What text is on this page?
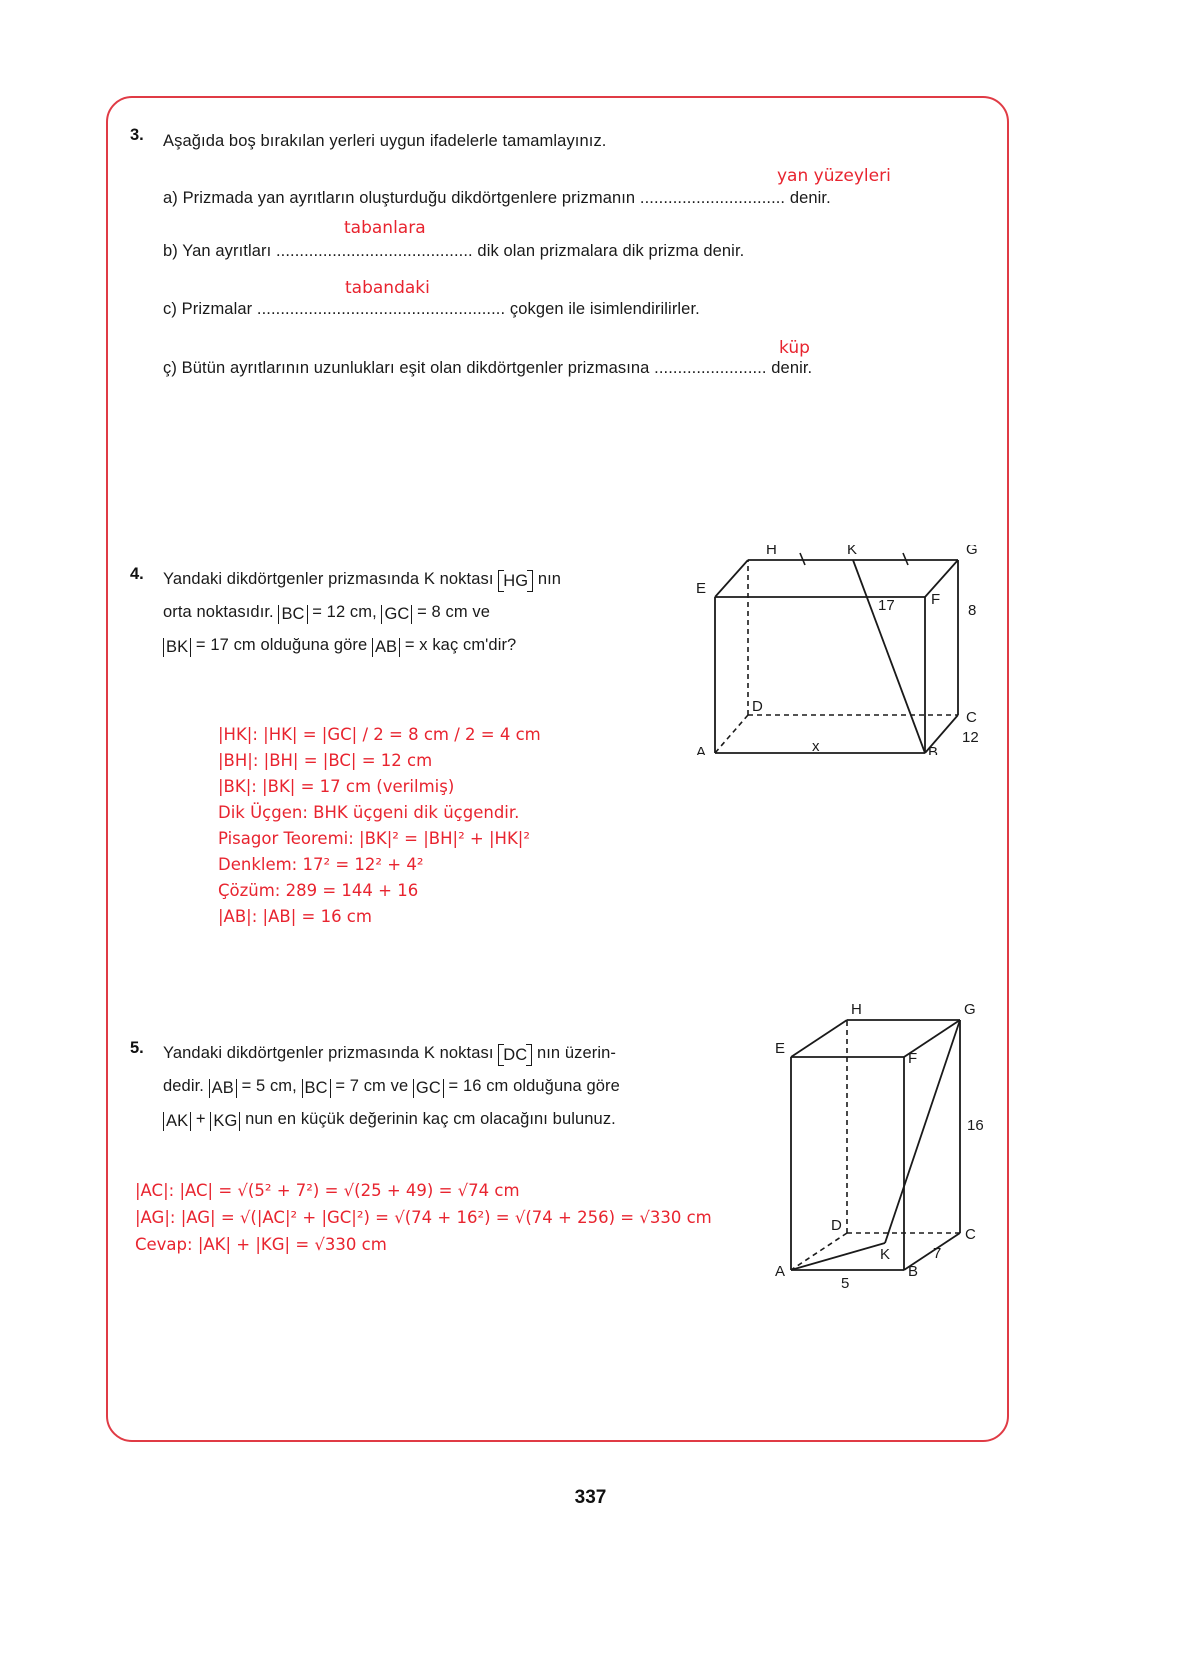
3. Aşağıda boş bırakılan yerleri uygun ifadelerle tamamlayınız.
a) Prizmada yan ayrıtların oluşturduğu dikdörtgenlere prizmanın ............................... denir.
yan yüzeyleri
b) Yan ayrıtları .......................................... dik olan prizmalara dik prizma denir.
tabanlara
c) Prizmalar ..................................................... çokgen ile isimlendirilirler.
tabandaki
ç) Bütün ayrıtlarının uzunlukları eşit olan dikdörtgenler prizmasına ........................ denir.
küp
4. Yandaki dikdörtgenler prizmasında K noktası HG nın
orta noktasıdır. BC = 12 cm, GC = 8 cm ve
BK = 17 cm olduğuna göre AB = x kaç cm'dir?
|HK|: |HK| = |GC| / 2 = 8 cm / 2 = 4 cm
|BH|: |BH| = |BC| = 12 cm
|BK|: |BK| = 17 cm (verilmiş)
Dik Üçgen: BHK üçgeni dik üçgendir.
Pisagor Teoremi: |BK|² = |BH|² + |HK|²
Denklem: 17² = 12² + 4²
Çözüm: 289 = 144 + 16
|AB|: |AB| = 16 cm
H	K	G
E
F
D
C
A	B
17	8
12
x
5. Yandaki dikdörtgenler prizmasında K noktası DC nın üzerin-
dedir. AB = 5 cm, BC = 7 cm ve GC = 16 cm olduğuna göre
AK + KG nun en küçük değerinin kaç cm olacağını bulunuz.
|AC|: |AC| = √(5² + 7²) = √(25 + 49) = √74 cm
|AG|: |AG| = √(|AC|² + |GC|²) = √(74 + 16²) = √(74 + 256) = √330 cm
Cevap: |AK| + |KG| = √330 cm
H	G
E
F
D
C
K
A	B
16
7
5
337
